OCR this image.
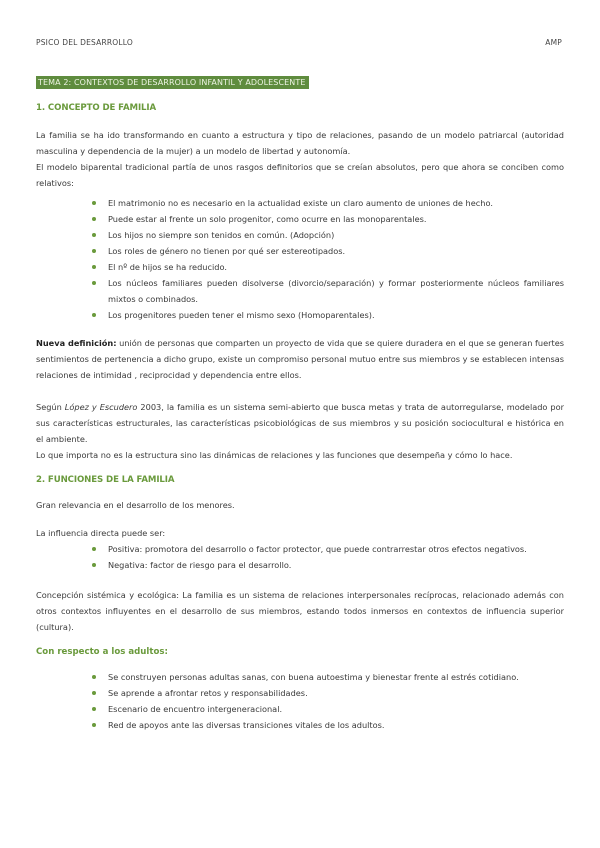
PSICO DEL DESARROLLO	AMP
TEMA 2: CONTEXTOS DE DESARROLLO INFANTIL Y ADOLESCENTE
1. CONCEPTO DE FAMILIA

La familia se ha ido transformando en cuanto a estructura y tipo de relaciones, pasando de un modelo patriarcal (autoridad masculina y dependencia de la mujer) a un modelo de libertad y autonomía.

El modelo biparental tradicional partía de unos rasgos definitorios que se creían absolutos, pero que ahora se conciben como relativos:

El matrimonio no es necesario en la actualidad existe un claro aumento de uniones de hecho.
Puede estar al frente un solo progenitor, como ocurre en las monoparentales.
Los hijos no siempre son tenidos en común. (Adopción)
Los roles de género no tienen por qué ser estereotipados.
El nº de hijos se ha reducido.
Los núcleos familiares pueden disolverse (divorcio/separación) y formar posteriormente núcleos familiares mixtos o combinados.
Los progenitores pueden tener el mismo sexo (Homoparentales).

Nueva definición: unión de personas que comparten un proyecto de vida que se quiere duradera en el que se generan fuertes sentimientos de pertenencia a dicho grupo, existe un compromiso personal mutuo entre sus miembros y se establecen intensas relaciones de intimidad , reciprocidad y dependencia entre ellos.

Según López y Escudero 2003, la familia es un sistema semi-abierto que busca metas y trata de autorregularse, modelado por sus características estructurales, las características psicobiológicas de sus miembros y su posición sociocultural e histórica en el ambiente.

Lo que importa no es la estructura sino las dinámicas de relaciones y las funciones que desempeña y cómo lo hace.

2. FUNCIONES DE LA FAMILIA

Gran relevancia en el desarrollo de los menores.

La influencia directa puede ser:

Positiva: promotora del desarrollo o factor protector, que puede contrarrestar otros efectos negativos.
Negativa: factor de riesgo para el desarrollo.

Concepción sistémica y ecológica: La familia es un sistema de relaciones interpersonales recíprocas, relacionado además con otros contextos influyentes en el desarrollo de sus miembros, estando todos inmersos en contextos de influencia superior (cultura).

Con respecto a los adultos:
Se construyen personas adultas sanas, con buena autoestima y bienestar frente al estrés cotidiano.
Se aprende a afrontar retos y responsabilidades.
Escenario de encuentro intergeneracional.
Red de apoyos ante las diversas transiciones vitales de los adultos.
